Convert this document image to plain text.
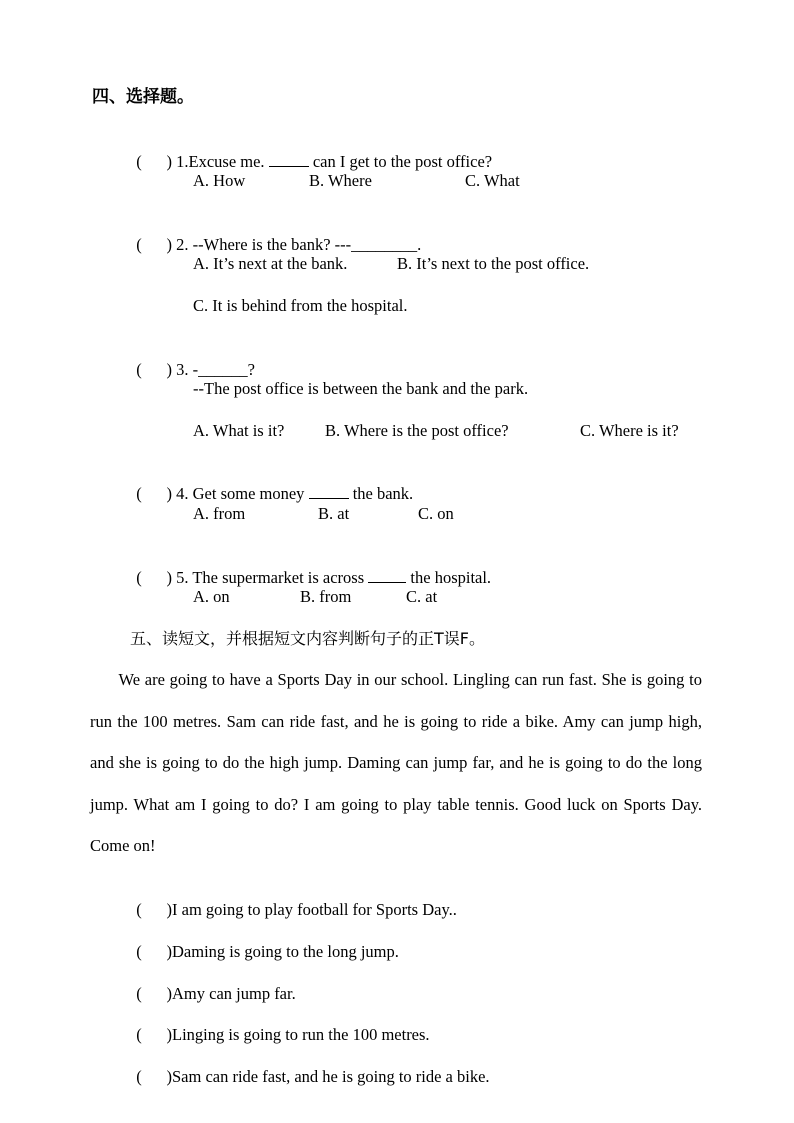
四、选择题。

(      ) 1.Excuse me.	can I get to the post office?

A. How	B. Where	C. What

(      ) 2. --Where is the bank? ---________.

A. It’s next at the bank.	B. It’s next to the post office.
C. It is behind from the hospital.

(      ) 3. -______?

--The post office is between the bank and the park.
A. What is it? B. Where is the post office?	C. Where is it?

(      ) 4. Get some money	the bank.

A. from	B. at	C. on

(      ) 5. The supermarket is across	the hospital.

A. on	B. from	C. at
五、读短文，并根据短文内容判断句子的正T误F。
We are going to have a Sports Day in our school. Lingling can run fast. She is going to run the 100 metres. Sam can ride fast, and he is going to ride a bike. Amy can jump high, and she is going to do the high jump. Daming can jump far, and he is going to do the long jump. What am I going to do? I am going to play table tennis. Good luck on Sports Day. Come on!

(      )I am going to play football for Sports Day..

(      )Daming is going to the long jump.

(      )Amy can jump far.

(      )Linging is going to run the 100 metres.

(      )Sam can ride fast, and he is going to ride a bike.
